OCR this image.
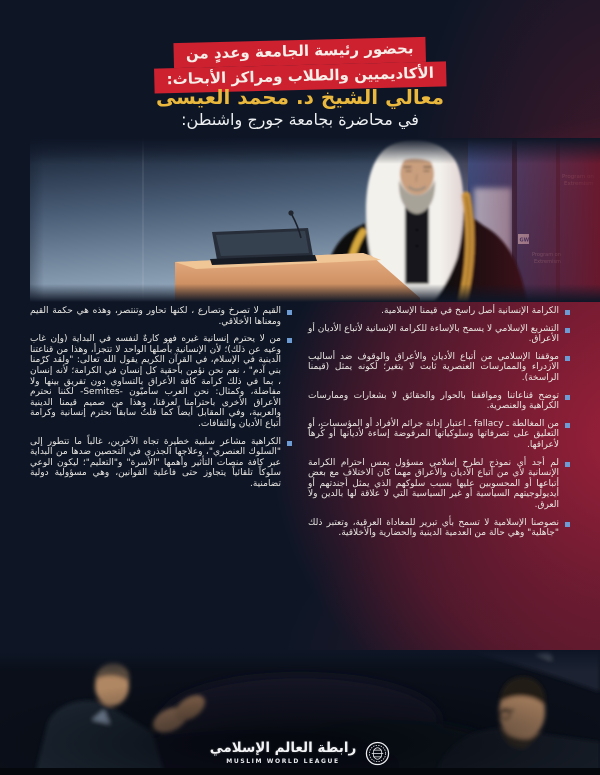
بحضور رئيسة الجامعة وعددٍ من
الأكاديميين والطلاب ومراكز الأبحاث:
معالي الشيخ د. محمد العيسى
في محاضرة بجامعة جورج واشنطن:

الكرامة الإنسانية أصل راسخ في قيمنا الإسلامية.

التشريع الإسلامي لا يسمح بالإساءة للكرامة الإنسانية لأتباع الأديان أو الأعراق.

موقفنا الإسلامي من أتباع الأديان والأعراق والوقوف ضد أساليب الازدراء والممارسات العنصرية ثابت لا يتغير؛ لكونه يمثل (قيمنا الراسخة).

توضح قناعاتنا ومواقفنا بالحوار والحقائق لا بشعارات وممارسات الكراهية والعنصرية.

من المغالطة ـ fallacy ـ اعتبار إدانة جرائم الأفراد أو المؤسسات، أو التعليق على تصرفاتها وسلوكياتها المرفوضة إساءة لأديانها أو كُرهاً لأعراقها.

لم أجد أي نموذج لطرح إسلامي مسؤول يمس احترام الكرامة الإنسانية لأي من أتباع الأديان والأعراق مهما كان الاختلاف مع بعض أتباعها أو المحسوبين عليها بسبب سلوكهم الذي يمثل أجندتهم أو أيديولوجيتهم السياسية أو غير السياسية التي لا علاقة لها بالدين ولا العرق.

نصوصنا الإسلامية لا تسمح بأي تبرير للمعاداة العرقية، وتعتبر ذلك "جاهلية" وهي حالة من العدمية الدينية والحضارية والأخلاقية.

القيم لا تصرخ وتصارع ، لكنها تحاور وتنتصر، وهذه هي حكمة القيم ومعناها الأخلاقي.

من لا يحترم إنسانية غيره فهو كارهٌ لنفسه في البداية (وإن غاب وعيه عن ذلك)؛ لأن الإنسانية بأصلها الواحد لا تتجزأ، وهذا من قناعتنا الدينية في الإسلام، في القرآن الكريم يقول الله تعالى: "ولقد كرّمنا بني آدم" ، نعم نحن نؤمن بأحقية كل إنسان في الكرامة؛ لأنه إنسان ، بما في ذلك كرامة كافة الأعراق بالتساوي دون تفريق بينها ولا مفاضلة، وكمثال: نحن العرب ساميّون -Semites- لكننا نحترم الأعراق الأخرى باحترامنا لعرقنا، وهذا من صميم قيمنا الدينية والعربية، وفي المقابل أيضاً كما قلتُ سابقاً نحترم إنسانية وكرامة أتباع الأديان والثقافات.

الكراهية مشاعر سلبية خطيرة تجاه الآخرين، غالباً ما تتطور إلى "السلوك العنصري"، وعلاجها الجذري في التحصين ضدها من البداية عبر كافة منصات التأثير وأهمها "الأسرة" و"التعليم"؛ ليكون الوعي سلوكاً تلقائياً يتجاوز حتى فاعلية القوانين، وهي مسؤولية دولية تضامنية.

رابطة العالم الإسلامي
MUSLIM WORLD LEAGUE
